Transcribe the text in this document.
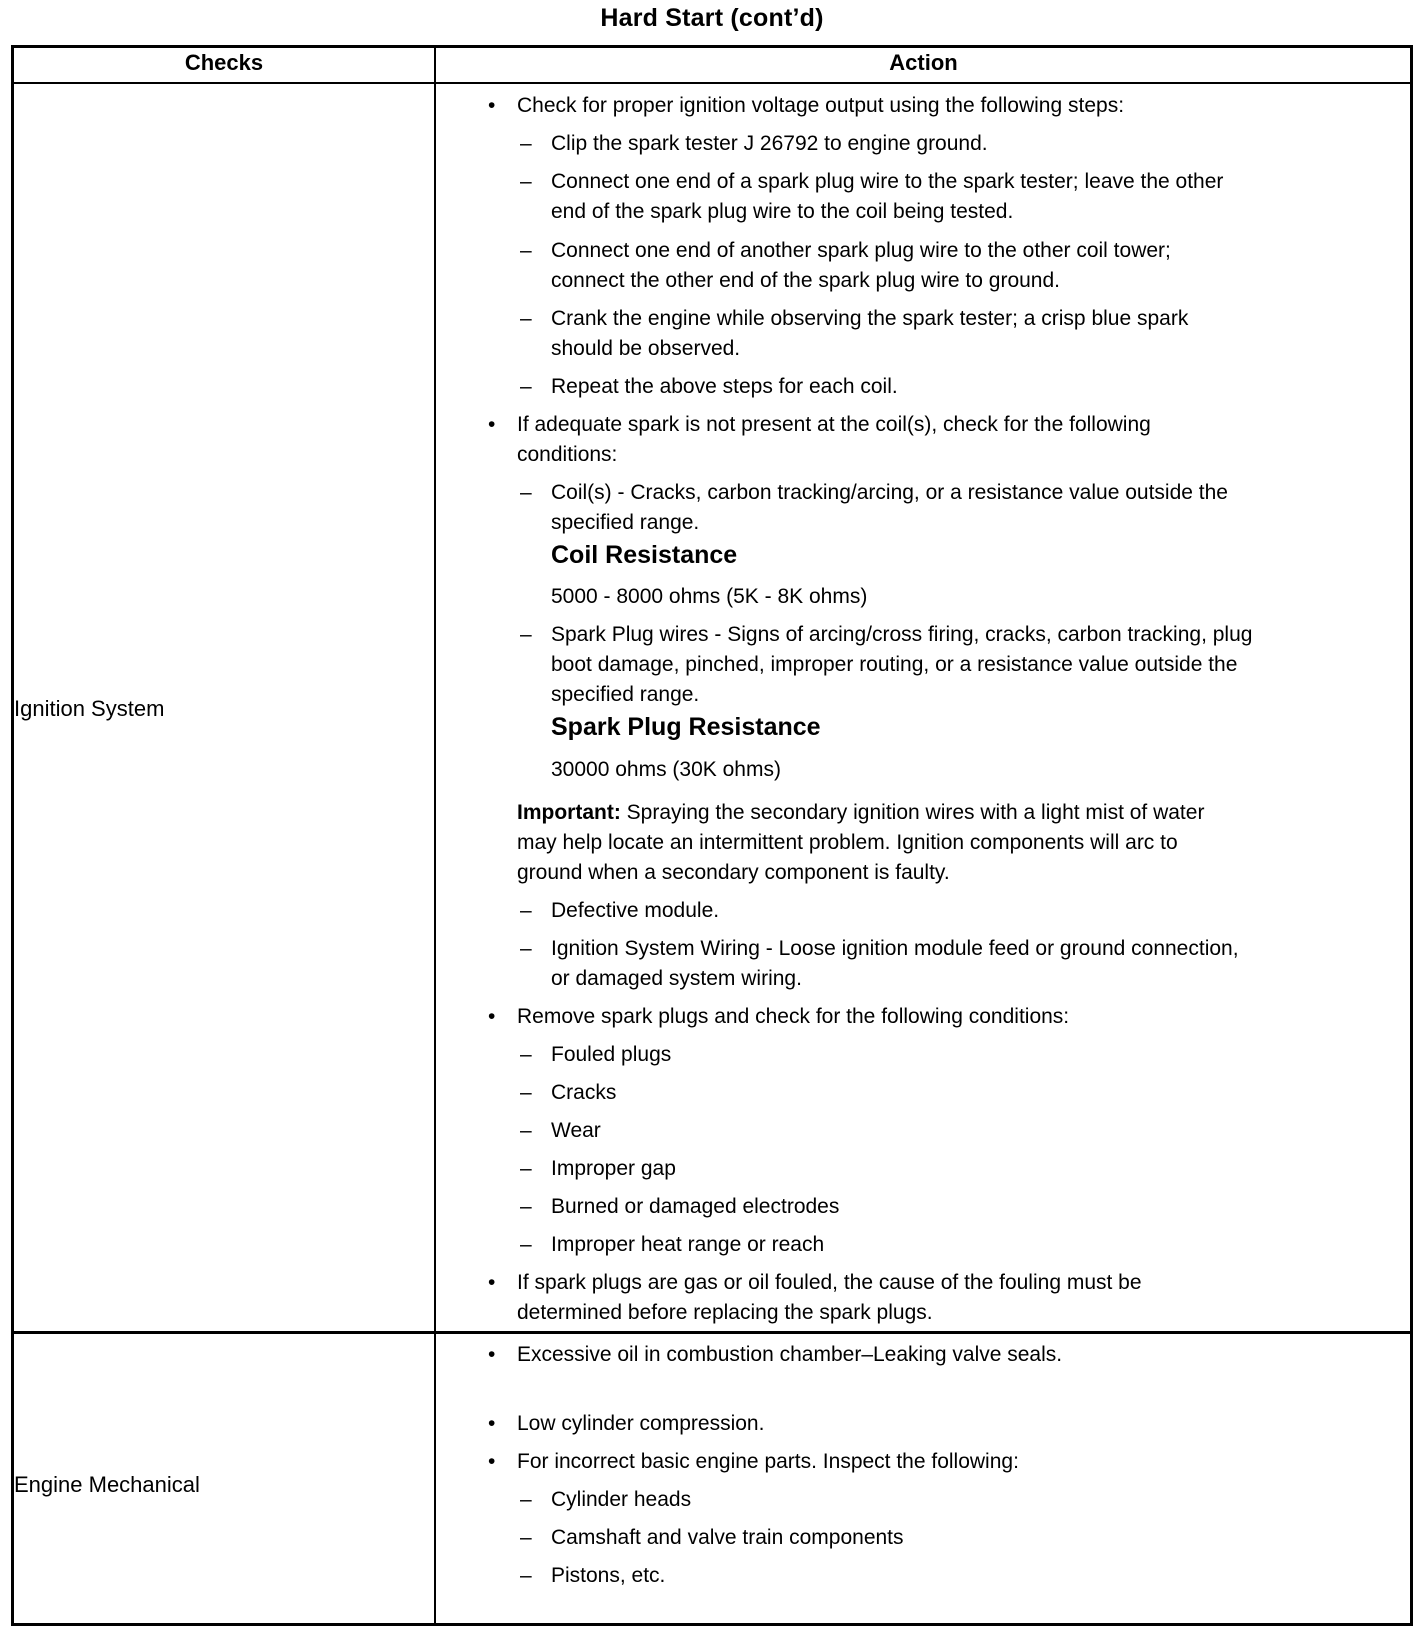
Hard Start (cont’d)
Checks	Action
Ignition System
• Check for proper ignition voltage output using the following steps:
– Clip the spark tester J 26792 to engine ground.
– Connect one end of a spark plug wire to the spark tester; leave the other
end of the spark plug wire to the coil being tested.
– Connect one end of another spark plug wire to the other coil tower;
connect the other end of the spark plug wire to ground.
– Crank the engine while observing the spark tester; a crisp blue spark
should be observed.
– Repeat the above steps for each coil.
• If adequate spark is not present at the coil(s), check for the following
conditions:
– Coil(s) - Cracks, carbon tracking/arcing, or a resistance value outside the
specified range.
Coil Resistance
5000 - 8000 ohms (5K - 8K ohms)
– Spark Plug wires - Signs of arcing/cross firing, cracks, carbon tracking, plug
boot damage, pinched, improper routing, or a resistance value outside the
specified range.
Spark Plug Resistance
30000 ohms (30K ohms)
Important: Spraying the secondary ignition wires with a light mist of water
may help locate an intermittent problem. Ignition components will arc to
ground when a secondary component is faulty.
– Defective module.
– Ignition System Wiring - Loose ignition module feed or ground connection,
or damaged system wiring.
• Remove spark plugs and check for the following conditions:
– Fouled plugs
– Cracks
– Wear
– Improper gap
– Burned or damaged electrodes
– Improper heat range or reach
• If spark plugs are gas or oil fouled, the cause of the fouling must be
determined before replacing the spark plugs.
Engine Mechanical
• Excessive oil in combustion chamber–Leaking valve seals.
• Low cylinder compression.
• For incorrect basic engine parts. Inspect the following:
– Cylinder heads
– Camshaft and valve train components
– Pistons, etc.
